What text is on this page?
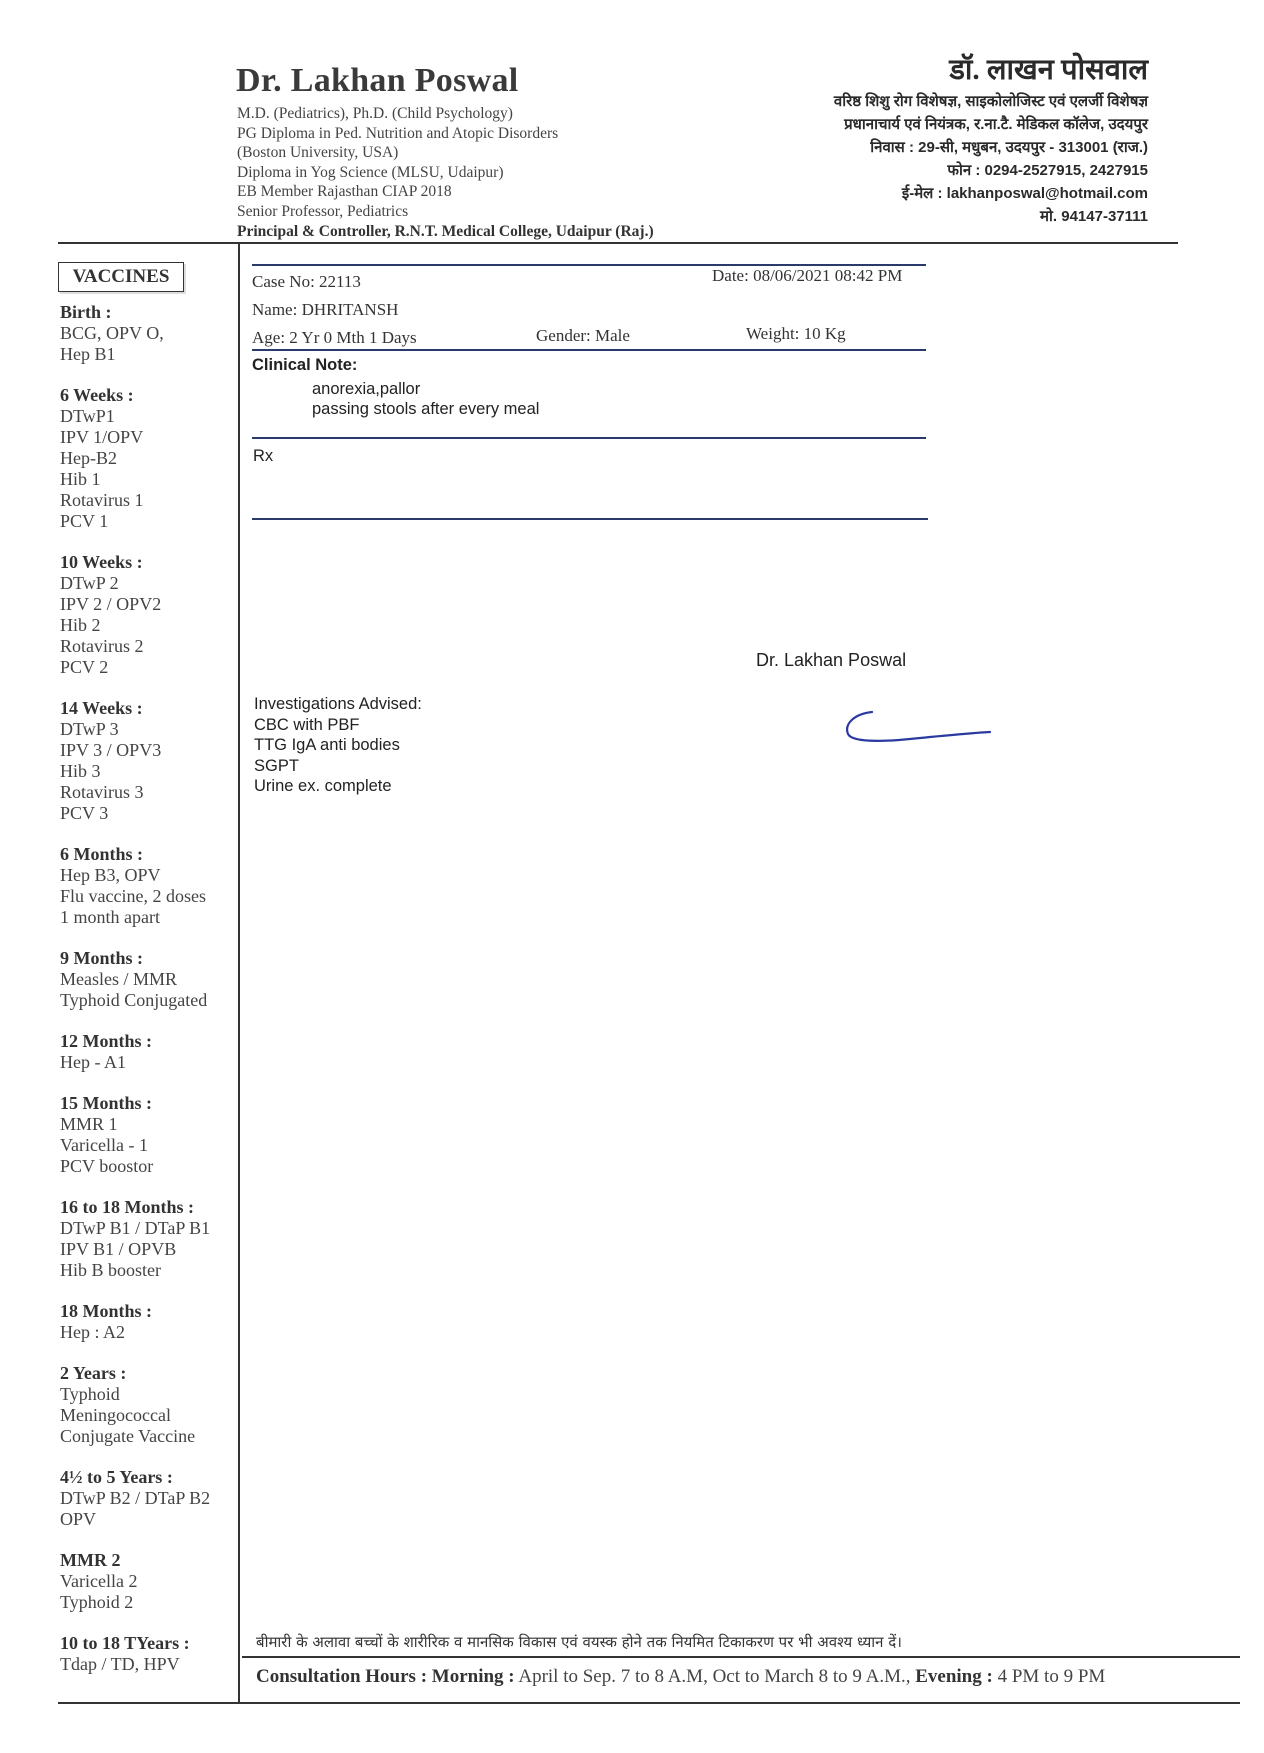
Dr. Lakhan Poswal
M.D. (Pediatrics), Ph.D. (Child Psychology)
PG Diploma in Ped. Nutrition and Atopic Disorders
(Boston University, USA)
Diploma in Yog Science (MLSU, Udaipur)
EB Member Rajasthan CIAP 2018
Senior Professor, Pediatrics
Principal & Controller, R.N.T. Medical College, Udaipur (Raj.)
डॉ. लाखन पोसवाल
वरिष्ठ शिशु रोग विशेषज्ञ, साइकोलोजिस्ट एवं एलर्जी विशेषज्ञ
प्रधानाचार्य एवं नियंत्रक, र.ना.टै. मेडिकल कॉलेज, उदयपुर
निवास : 29-सी, मधुबन, उदयपुर - 313001 (राज.)
फोन : 0294-2527915, 2427915
ई-मेल : lakhanposwal@hotmail.com
मो. 94147-37111
VACCINES
Birth :
BCG, OPV O,
Hep B1
6 Weeks :
DTwP1
IPV 1/OPV
Hep-B2
Hib 1
Rotavirus 1
PCV 1
10 Weeks :
DTwP 2
IPV 2 / OPV2
Hib 2
Rotavirus 2
PCV 2
14 Weeks :
DTwP 3
IPV 3 / OPV3
Hib 3
Rotavirus 3
PCV 3
6 Months :
Hep B3, OPV
Flu vaccine, 2 doses
1 month apart
9 Months :
Measles / MMR
Typhoid Conjugated
12 Months :
Hep - A1
15 Months :
MMR 1
Varicella - 1
PCV boostor
16 to 18 Months :
DTwP B1 / DTaP B1
IPV B1 / OPVB
Hib B booster
18 Months :
Hep : A2
2 Years :
Typhoid
Meningococcal
Conjugate Vaccine
4½ to 5 Years :
DTwP B2 / DTaP B2
OPV
MMR 2
Varicella 2
Typhoid 2
10 to 18 TYears :
Tdap / TD, HPV
Case No: 22113	Date: 08/06/2021 08:42 PM
Name: DHRITANSH
Age: 2 Yr 0 Mth 1 Days	Gender: Male	Weight: 10 Kg
Clinical Note:
anorexia,pallor
passing stools after every meal
Rx
Dr. Lakhan Poswal
Investigations Advised:
CBC with PBF
TTG IgA anti bodies
SGPT
Urine ex. complete
बीमारी के अलावा बच्चों के शारीरिक व मानसिक विकास एवं वयस्क होने तक नियमित टिकाकरण पर भी अवश्य ध्यान दें।
Consultation Hours : Morning : April to Sep. 7 to 8 A.M, Oct to March 8 to 9 A.M., Evening : 4 PM to 9 PM
